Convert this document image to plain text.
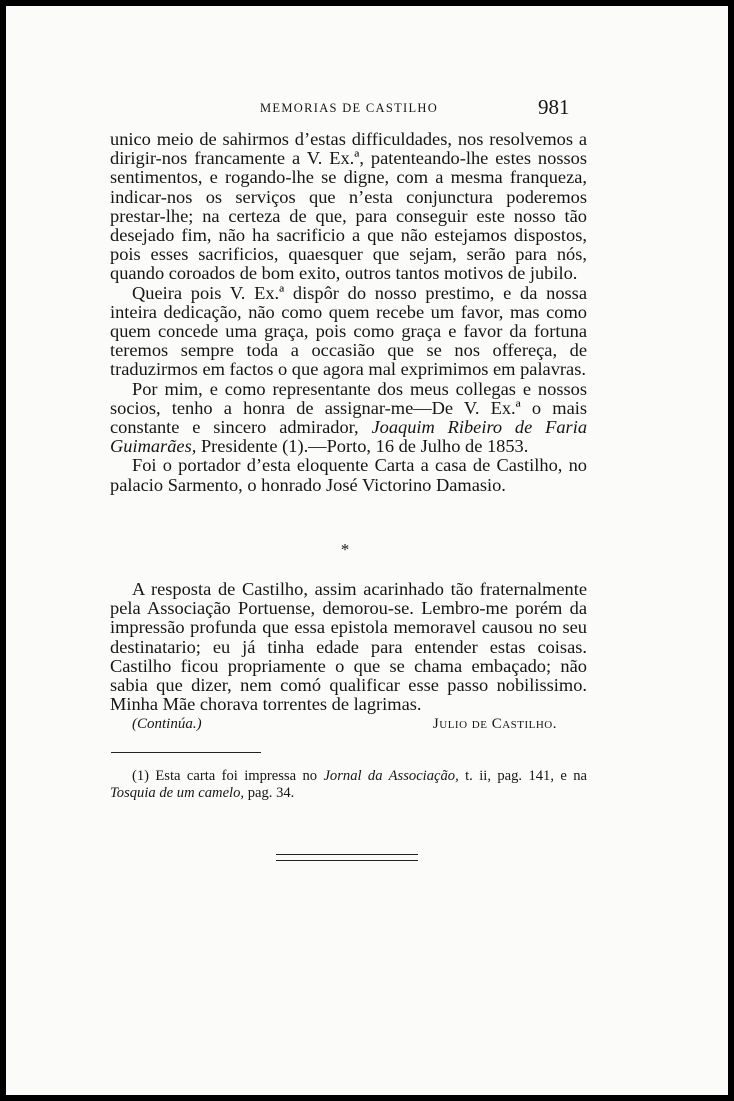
MEMORIAS DE CASTILHO	981

unico meio de sahirmos d’estas difficuldades, nos resolvemos a dirigir-nos francamente a V. Ex.ª, patenteando-lhe estes nossos sentimentos, e rogando-lhe se digne, com a mesma franqueza, indicar-nos os serviços que n’esta conjunctura poderemos prestar-lhe; na certeza de que, para conseguir este nosso tão desejado fim, não ha sacrificio a que não estejamos dispostos, pois esses sacrificios, quaesquer que sejam, serão para nós, quando coroados de bom exito, outros tantos motivos de jubilo.

Queira pois V. Ex.ª dispôr do nosso prestimo, e da nossa inteira dedicação, não como quem recebe um favor, mas como quem concede uma graça, pois como graça e favor da fortuna teremos sempre toda a occasião que se nos offereça, de traduzirmos em factos o que agora mal exprimimos em palavras.

Por mim, e como representante dos meus collegas e nossos socios, tenho a honra de assignar-me—De V. Ex.ª o mais constante e sincero admirador, Joaquim Ribeiro de Faria Guimarães, Presidente (1).—Porto, 16 de Julho de 1853.

Foi o portador d’esta eloquente Carta a casa de Castilho, no palacio Sarmento, o honrado José Victorino Damasio.

*

A resposta de Castilho, assim acarinhado tão fraternalmente pela Associação Portuense, demorou-se. Lembro-me porém da impressão profunda que essa epistola memoravel causou no seu destinatario; eu já tinha edade para entender estas coisas. Castilho ficou propriamente o que se chama embaçado; não sabia que dizer, nem comó qualificar esse passo nobilissimo. Minha Mãe chorava torrentes de lagrimas.

(Continúa.)	Julio de Castilho.

(1) Esta carta foi impressa no Jornal da Associação, t. ii, pag. 141, e na Tosquia de um camelo, pag. 34.
